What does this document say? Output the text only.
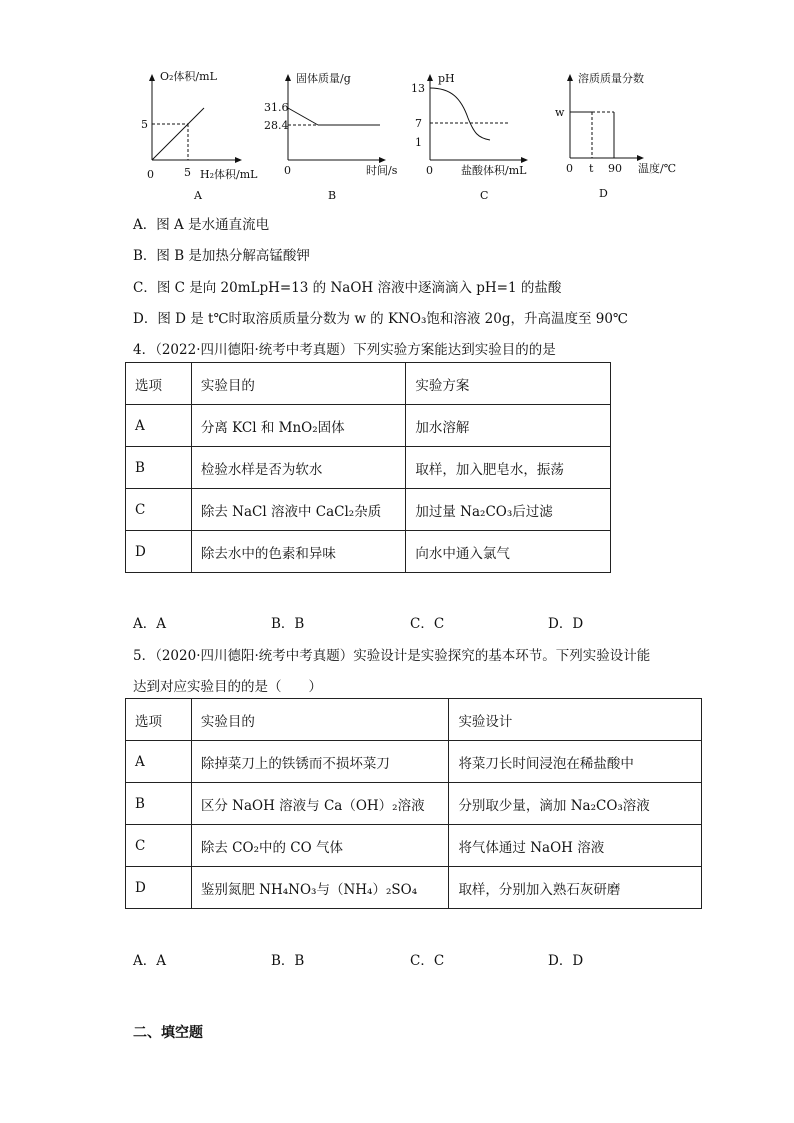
O₂体积/mL
H₂体积/mL
0
5
5
A
固体质量/g
时间/s
0
31.6
28.4
B
pH
盐酸体积/mL
0
13
7
1
C
溶质质量分数
温度/℃
0
w
t 90
D
A．图 A 是水通直流电
B．图 B 是加热分解高锰酸钾
C．图 C 是向 20mLpH=13 的 NaOH 溶液中逐滴滴入 pH=1 的盐酸
D．图 D 是 t℃时取溶质质量分数为 w 的 KNO₃饱和溶液 20g，升高温度至 90℃
4．（2022·四川德阳·统考中考真题）下列实验方案能达到实验目的的是
选项	实验目的	实验方案
A	分离 KCl 和 MnO₂固体	加水溶解
B	检验水样是否为软水	取样，加入肥皂水，振荡
C	除去 NaCl 溶液中 CaCl₂杂质	加过量 Na₂CO₃后过滤
D	除去水中的色素和异味	向水中通入氯气
A．A	B．B	C．C	D．D
5．（2020·四川德阳·统考中考真题）实验设计是实验探究的基本环节。下列实验设计能
达到对应实验目的的是（　　）
选项	实验目的	实验设计
A	除掉菜刀上的铁锈而不损坏菜刀	将菜刀长时间浸泡在稀盐酸中
B	区分 NaOH 溶液与 Ca（OH）₂溶液	分别取少量，滴加 Na₂CO₃溶液
C	除去 CO₂中的 CO 气体	将气体通过 NaOH 溶液
D	鉴别氮肥 NH₄NO₃与（NH₄）₂SO₄	取样，分别加入熟石灰研磨
A．A	B．B	C．C	D．D
二、填空题
